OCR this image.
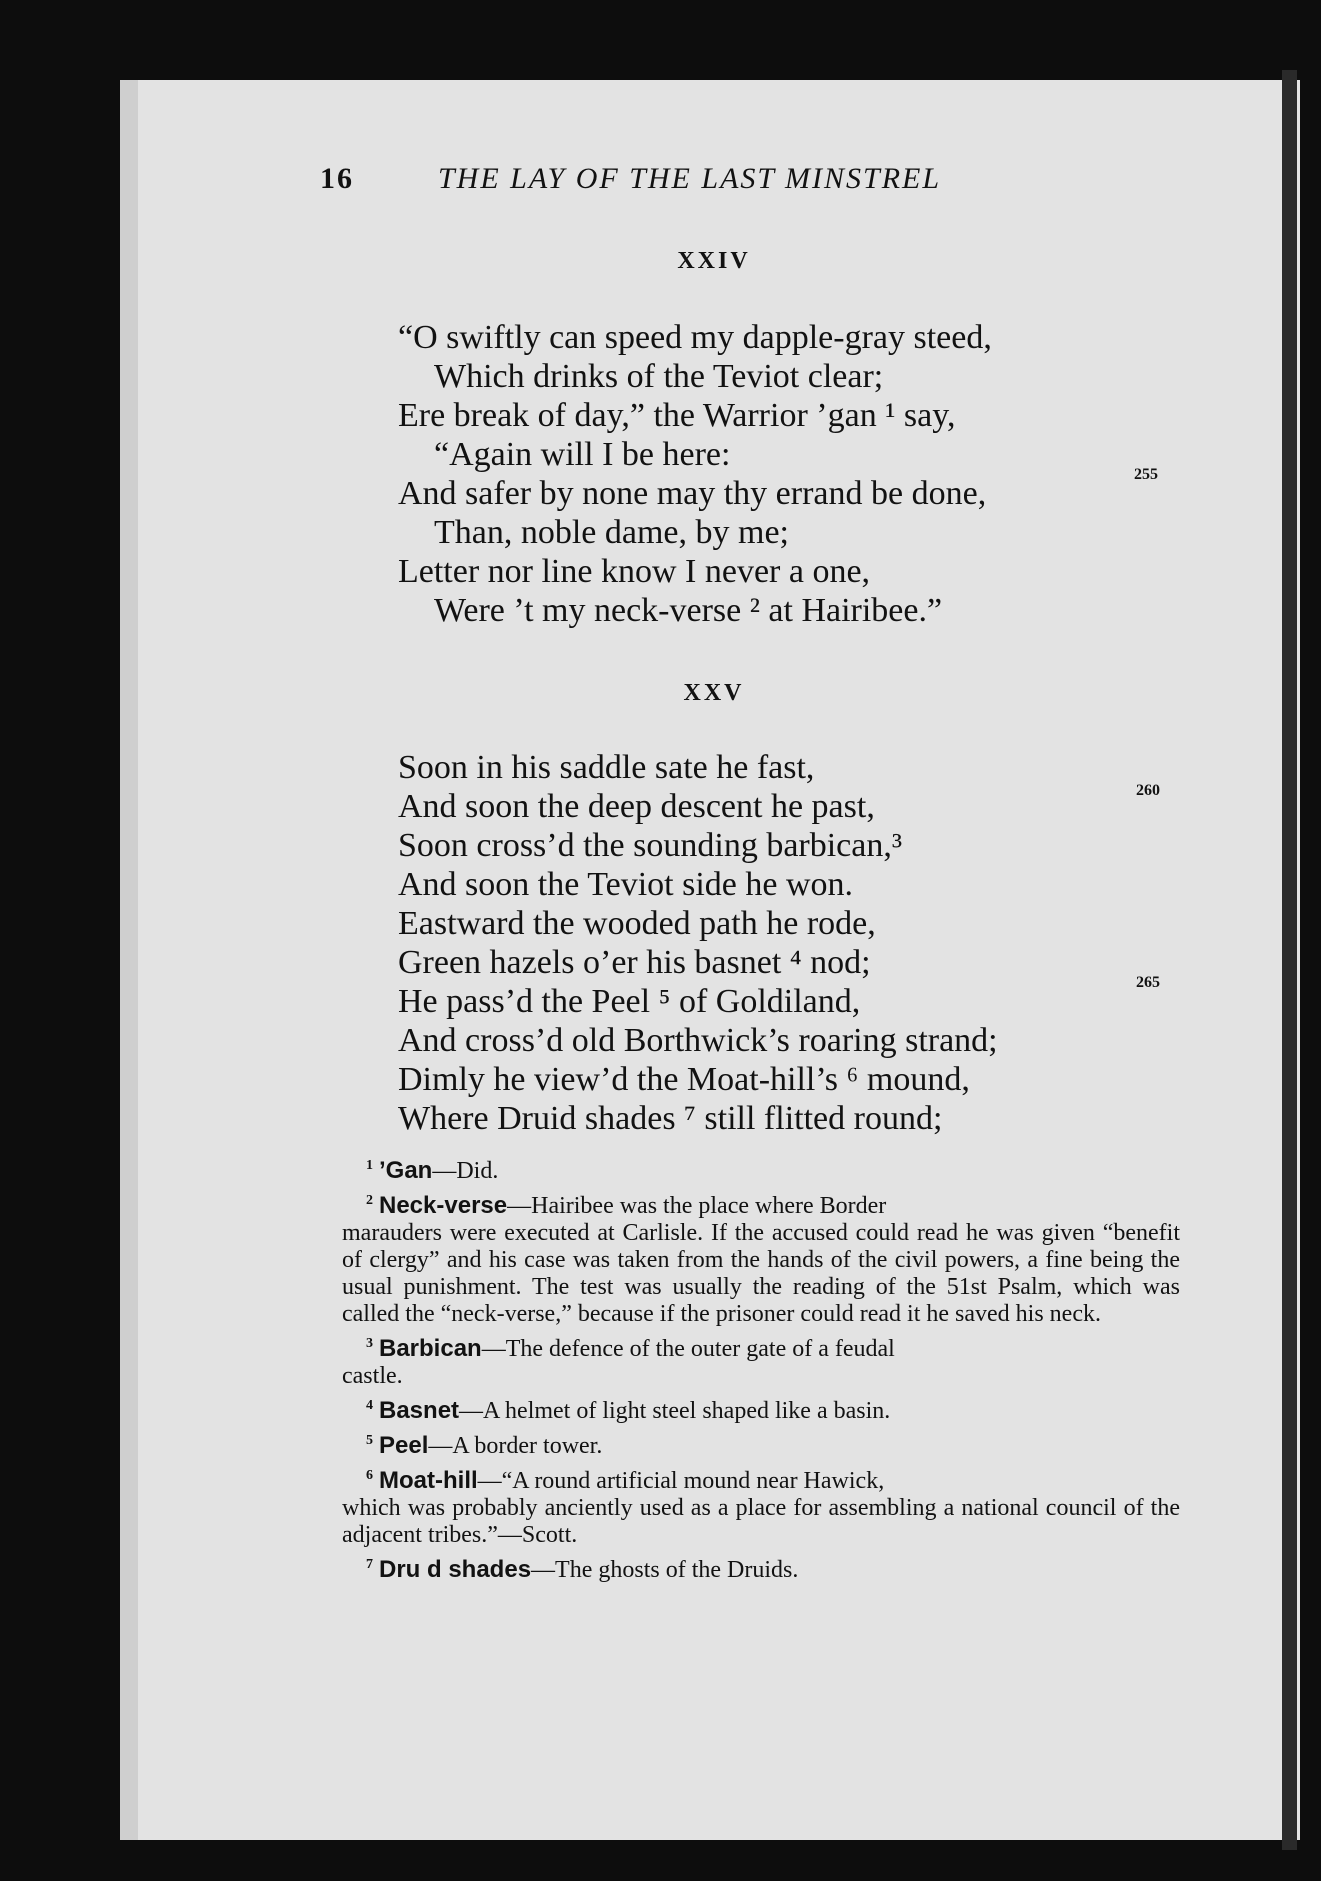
16	THE LAY OF THE LAST MINSTREL
XXIV
“O swiftly can speed my dapple-gray steed,
Which drinks of the Teviot clear;
Ere break of day,” the Warrior ’gan ¹ say,
“Again will I be here:
And safer by none may thy errand be done,
Than, noble dame, by me;
Letter nor line know I never a one,
Were ’t my neck-verse ² at Hairibee.”
255
XXV
Soon in his saddle sate he fast,
And soon the deep descent he past,
Soon cross’d the sounding barbican,³
And soon the Teviot side he won.
Eastward the wooded path he rode,
Green hazels o’er his basnet ⁴ nod;
He pass’d the Peel ⁵ of Goldiland,
And cross’d old Borthwick’s roaring strand;
Dimly he view’d the Moat-hill’s ⁶ mound,
Where Druid shades ⁷ still flitted round;
260
265
$^1$ ’Gan—Did.
$^2$ Neck-verse—Hairibee was the place where Border
marauders were executed at Carlisle. If the accused could read he was given “benefit of clergy” and his case was taken from the hands of the civil powers, a fine being the usual punishment. The test was usually the reading of the 51st Psalm, which was called the “neck-verse,” because if the prisoner could read it he saved his neck.
$^3$ Barbican—The defence of the outer gate of a feudal
castle.
$^4$ Basnet—A helmet of light steel shaped like a basin.
$^5$ Peel—A border tower.
$^6$ Moat-hill—“A round artificial mound near Hawick,
which was probably anciently used as a place for assembling a national council of the adjacent tribes.”—Scott.
$^7$ Dru d shades—The ghosts of the Druids.
